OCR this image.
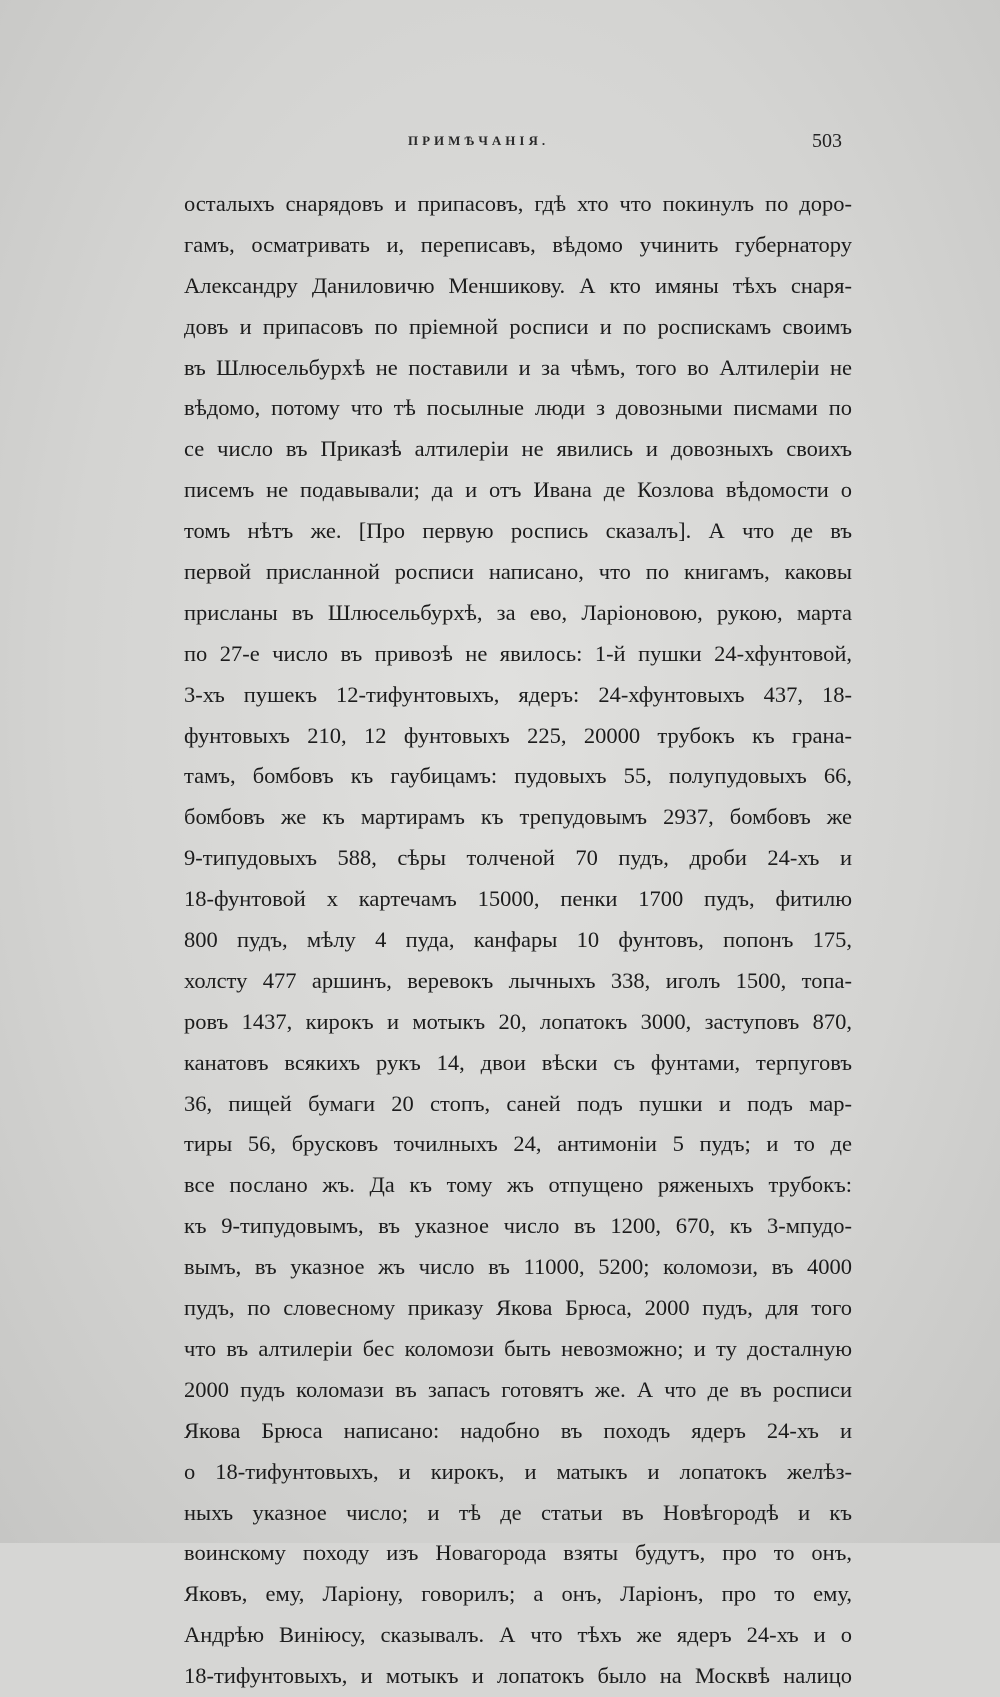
ПРИМѢЧАНІЯ.	503
осталыхъ снарядовъ и припасовъ, гдѣ хто что покинулъ по доро-
гамъ, осматривать и, переписавъ, вѣдомо учинить губернатору
Александру Даниловичю Меншикову. А кто имяны тѣхъ снаря-
довъ и припасовъ по пріемной росписи и по роспискамъ своимъ
въ Шлюсельбурхѣ не поставили и за чѣмъ, того во Алтилеріи не
вѣдомо, потому что тѣ посылные люди з довозными писмами по
се число въ Приказѣ алтилеріи не явились и довозныхъ своихъ
писемъ не подавывали; да и отъ Ивана де Козлова вѣдомости о
томъ нѣтъ же. [Про первую роспись сказалъ]. А что де въ
первой присланной росписи написано, что по книгамъ, каковы
присланы въ Шлюсельбурхѣ, за ево, Ларіоновою, рукою, марта
по 27-е число въ привозѣ не явилось: 1-й пушки 24-хфунтовой,
3-хъ пушекъ 12-тифунтовыхъ, ядеръ: 24-хфунтовыхъ 437, 18-
фунтовыхъ 210, 12 фунтовыхъ 225, 20000 трубокъ къ грана-
тамъ, бомбовъ къ гаубицамъ: пудовыхъ 55, полупудовыхъ 66,
бомбовъ же къ мартирамъ къ трепудовымъ 2937, бомбовъ же
9-типудовыхъ 588, сѣры толченой 70 пудъ, дроби 24-хъ и
18-фунтовой х картечамъ 15000, пенки 1700 пудъ, фитилю
800 пудъ, мѣлу 4 пуда, канфары 10 фунтовъ, попонъ 175,
холсту 477 аршинъ, веревокъ лычныхъ 338, иголъ 1500, топа-
ровъ 1437, кирокъ и мотыкъ 20, лопатокъ 3000, заступовъ 870,
канатовъ всякихъ рукъ 14, двои вѣски съ фунтами, терпуговъ
36, пищей бумаги 20 стопъ, саней подъ пушки и подъ мар-
тиры 56, брусковъ точилныхъ 24, антимоніи 5 пудъ; и то де
все послано жъ. Да къ тому жъ отпущено ряженыхъ трубокъ:
къ 9-типудовымъ, въ указное число въ 1200, 670, къ 3-мпудо-
вымъ, въ указное жъ число въ 11000, 5200; коломози, въ 4000
пудъ, по словесному приказу Якова Брюса, 2000 пудъ, для того
что въ алтилеріи бес коломози быть невозможно; и ту досталную
2000 пудъ коломази въ запасъ готовятъ же. А что де въ росписи
Якова Брюса написано: надобно въ походъ ядеръ 24-хъ и
о 18-тифунтовыхъ, и кирокъ, и матыкъ и лопатокъ желѣз-
ныхъ указное число; и тѣ де статьи въ Новѣгородѣ и къ
воинскому походу изъ Новагорода взяты будутъ, про то онъ,
Яковъ, ему, Ларіону, говорилъ; а онъ, Ларіонъ, про то ему,
Андрѣю Виніюсу, сказывалъ. А что тѣхъ же ядеръ 24-хъ и о
18-тифунтовыхъ, и мотыкъ и лопатокъ было на Москвѣ налицо
